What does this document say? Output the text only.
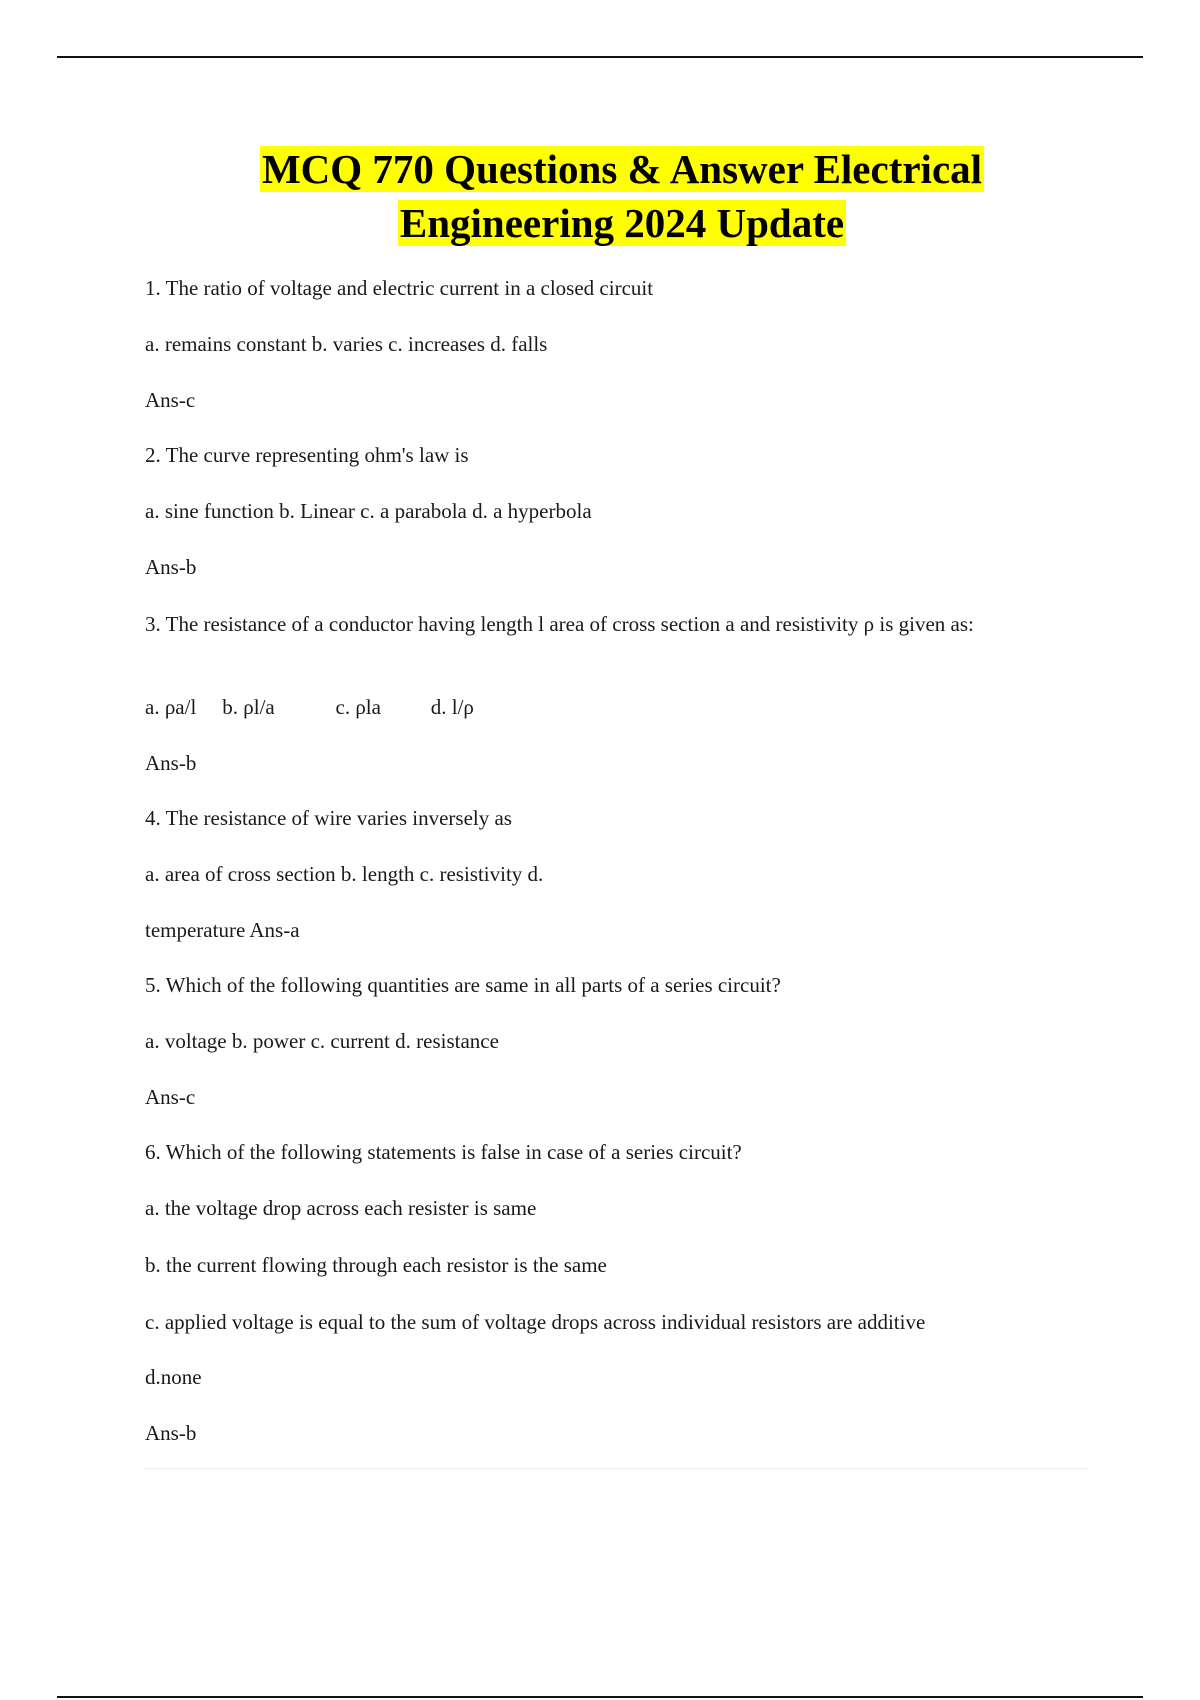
MCQ 770 Questions & Answer Electrical
Engineering 2024 Update
1. The ratio of voltage and electric current in a closed circuit
a. remains constant b. varies c. increases d. falls
Ans-c
2. The curve representing ohm's law is
a. sine function b. Linear c. a parabola d. a hyperbola
Ans-b
3. The resistance of a conductor having length l area of cross section a and resistivity ρ is given as:
a. ρa/l b. ρl/a	c. ρla d. l/ρ
Ans-b
4. The resistance of wire varies inversely as
a. area of cross section b. length c. resistivity d.
temperature Ans-a
5. Which of the following quantities are same in all parts of a series circuit?
a. voltage b. power c. current d. resistance
Ans-c
6. Which of the following statements is false in case of a series circuit?
a. the voltage drop across each resister is same
b. the current flowing through each resistor is the same
c. applied voltage is equal to the sum of voltage drops across individual resistors are additive
d.none
Ans-b
